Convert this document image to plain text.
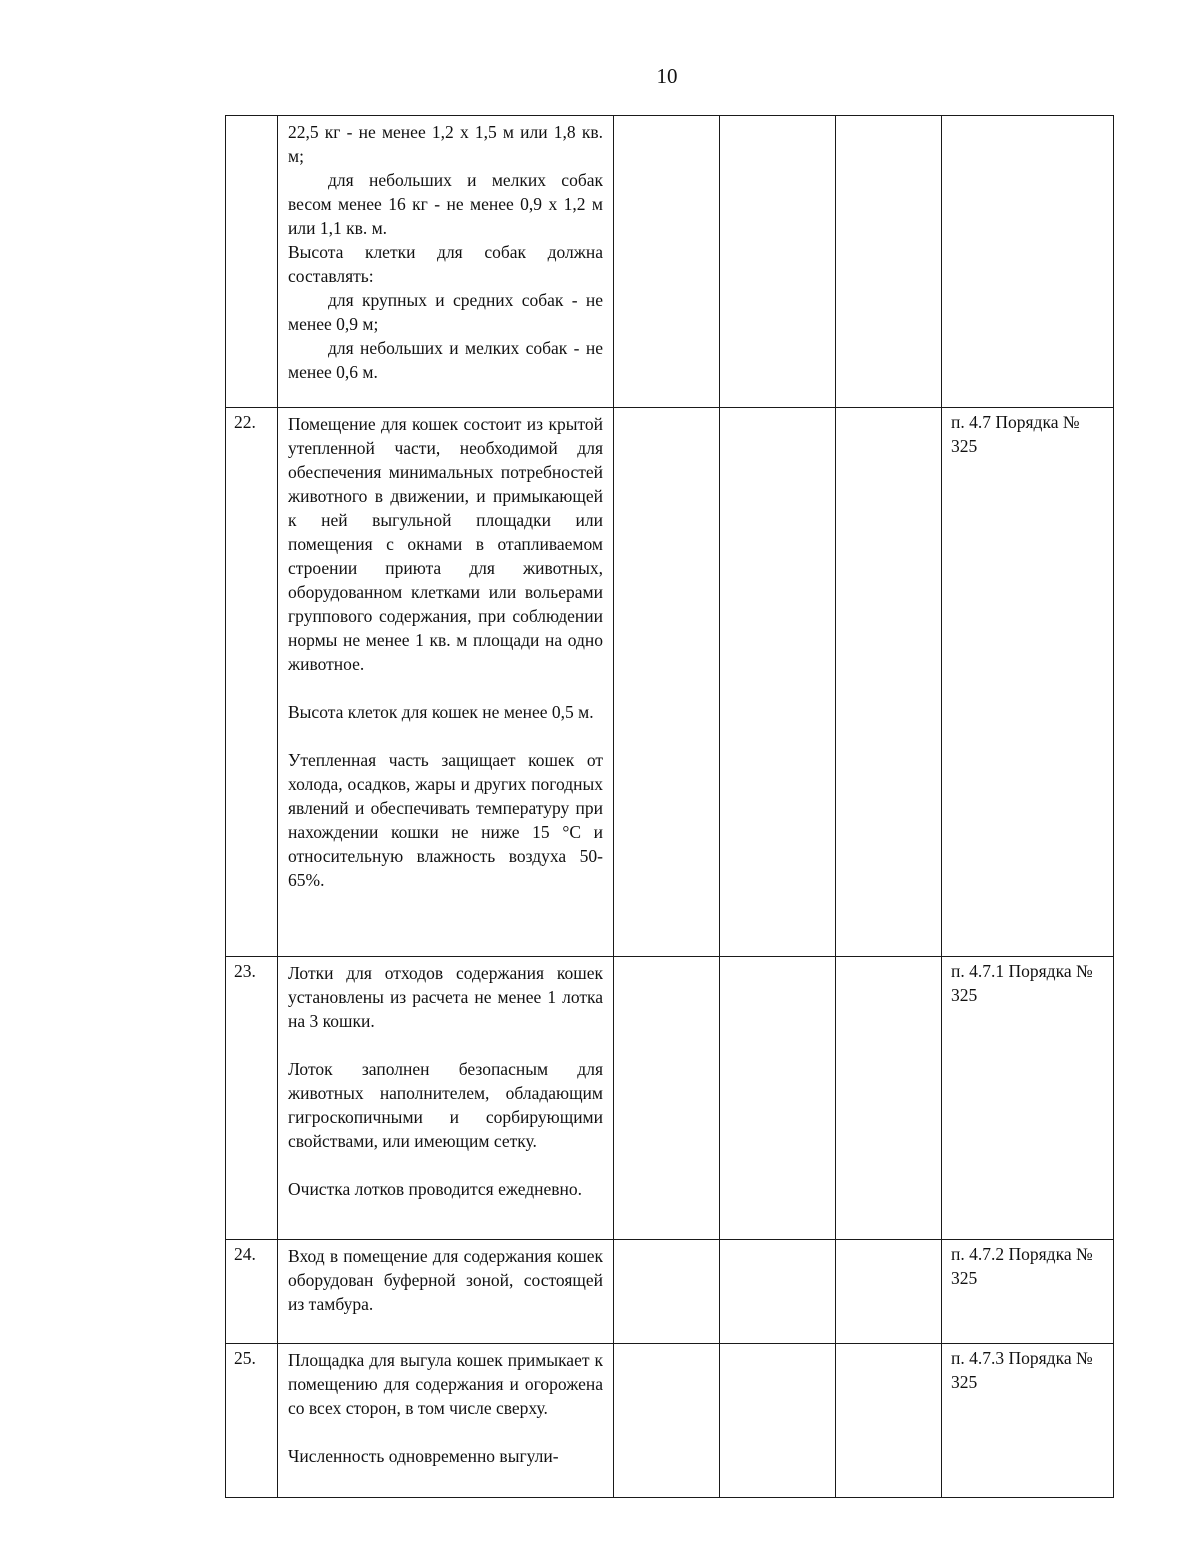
10

	22,5 кг - не менее 1,2 х 1,5 м или 1,8 кв. м;

для небольших и мелких собак весом менее 16 кг - не менее 0,9 х 1,2 м или 1,1 кв. м.

Высота клетки для собак должна составлять:

для крупных и средних собак - не менее 0,9 м;

для небольших и мелких собак - не менее 0,6 м.				

22.	Помещение для кошек состоит из крытой утепленной части, необходимой для обеспечения минимальных потребностей животного в движении, и примыкающей к ней выгульной площадки или помещения с окнами в отапливаемом строении приюта для животных, оборудованном клетками или вольерами группового содержания, при соблюдении нормы не менее 1 кв. м площади на одно животное.

Высота клеток для кошек не менее 0,5 м.

Утепленная часть защищает кошек от холода, осадков, жары и других погодных явлений и обеспечивать температуру при нахождении кошки не ниже 15 °С и относительную влажность воздуха 50-65%.				п. 4.7 Порядка № 325
23.	Лотки для отходов содержания кошек установлены из расчета не менее 1 лотка на 3 кошки.

Лоток заполнен безопасным для животных наполнителем, обладающим гигроскопичными и сорбирующими свойствами, или имеющим сетку.

Очистка лотков проводится ежедневно.				п. 4.7.1 Порядка № 325
24.	Вход в помещение для содержания кошек оборудован буферной зоной, состоящей из тамбура.				п. 4.7.2 Порядка № 325
25.	Площадка для выгула кошек примыкает к помещению для содержания и огорожена со всех сторон, в том числе сверху.

Численность одновременно выгули-				п. 4.7.3 Порядка № 325
